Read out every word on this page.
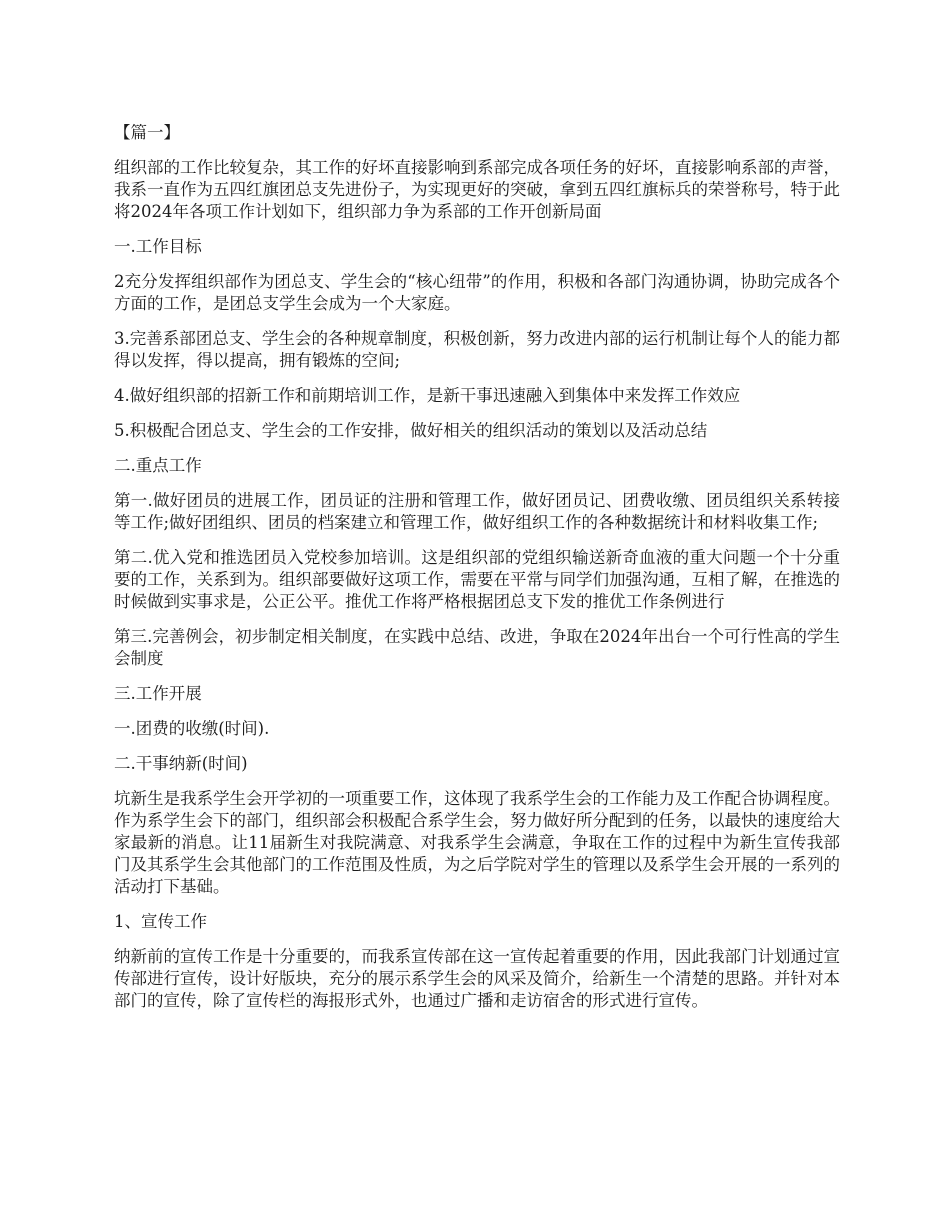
【篇一】

组织部的工作比较复杂，其工作的好坏直接影响到系部完成各项任务的好坏，直接影响系部的声誉，我系一直作为五四红旗团总支先进份子，为实现更好的突破，拿到五四红旗标兵的荣誉称号，特于此将2024年各项工作计划如下，组织部力争为系部的工作开创新局面

一.工作目标

2充分发挥组织部作为团总支、学生会的“核心纽带”的作用，积极和各部门沟通协调，协助完成各个方面的工作，是团总支学生会成为一个大家庭。

3.完善系部团总支、学生会的各种规章制度，积极创新，努力改进内部的运行机制让每个人的能力都得以发挥，得以提高，拥有锻炼的空间;

4.做好组织部的招新工作和前期培训工作，是新干事迅速融入到集体中来发挥工作效应

5.积极配合团总支、学生会的工作安排，做好相关的组织活动的策划以及活动总结

二.重点工作

第一.做好团员的进展工作，团员证的注册和管理工作，做好团员记、团费收缴、团员组织关系转接等工作;做好团组织、团员的档案建立和管理工作，做好组织工作的各种数据统计和材料收集工作;

第二.优入党和推选团员入党校参加培训。这是组织部的党组织输送新奇血液的重大问题一个十分重要的工作，关系到为。组织部要做好这项工作，需要在平常与同学们加强沟通，互相了解，在推选的时候做到实事求是，公正公平。推优工作将严格根据团总支下发的推优工作条例进行

第三.完善例会，初步制定相关制度，在实践中总结、改进，争取在2024年出台一个可行性高的学生会制度

三.工作开展

一.团费的收缴(时间).

二.干事纳新(时间)

坑新生是我系学生会开学初的一项重要工作，这体现了我系学生会的工作能力及工作配合协调程度。作为系学生会下的部门，组织部会积极配合系学生会，努力做好所分配到的任务，以最快的速度给大家最新的消息。让11届新生对我院满意、对我系学生会满意，争取在工作的过程中为新生宣传我部门及其系学生会其他部门的工作范围及性质，为之后学院对学生的管理以及系学生会开展的一系列的活动打下基础。

1、宣传工作

纳新前的宣传工作是十分重要的，而我系宣传部在这一宣传起着重要的作用，因此我部门计划通过宣传部进行宣传，设计好版块，充分的展示系学生会的风采及简介，给新生一个清楚的思路。并针对本部门的宣传，除了宣传栏的海报形式外，也通过广播和走访宿舍的形式进行宣传。
